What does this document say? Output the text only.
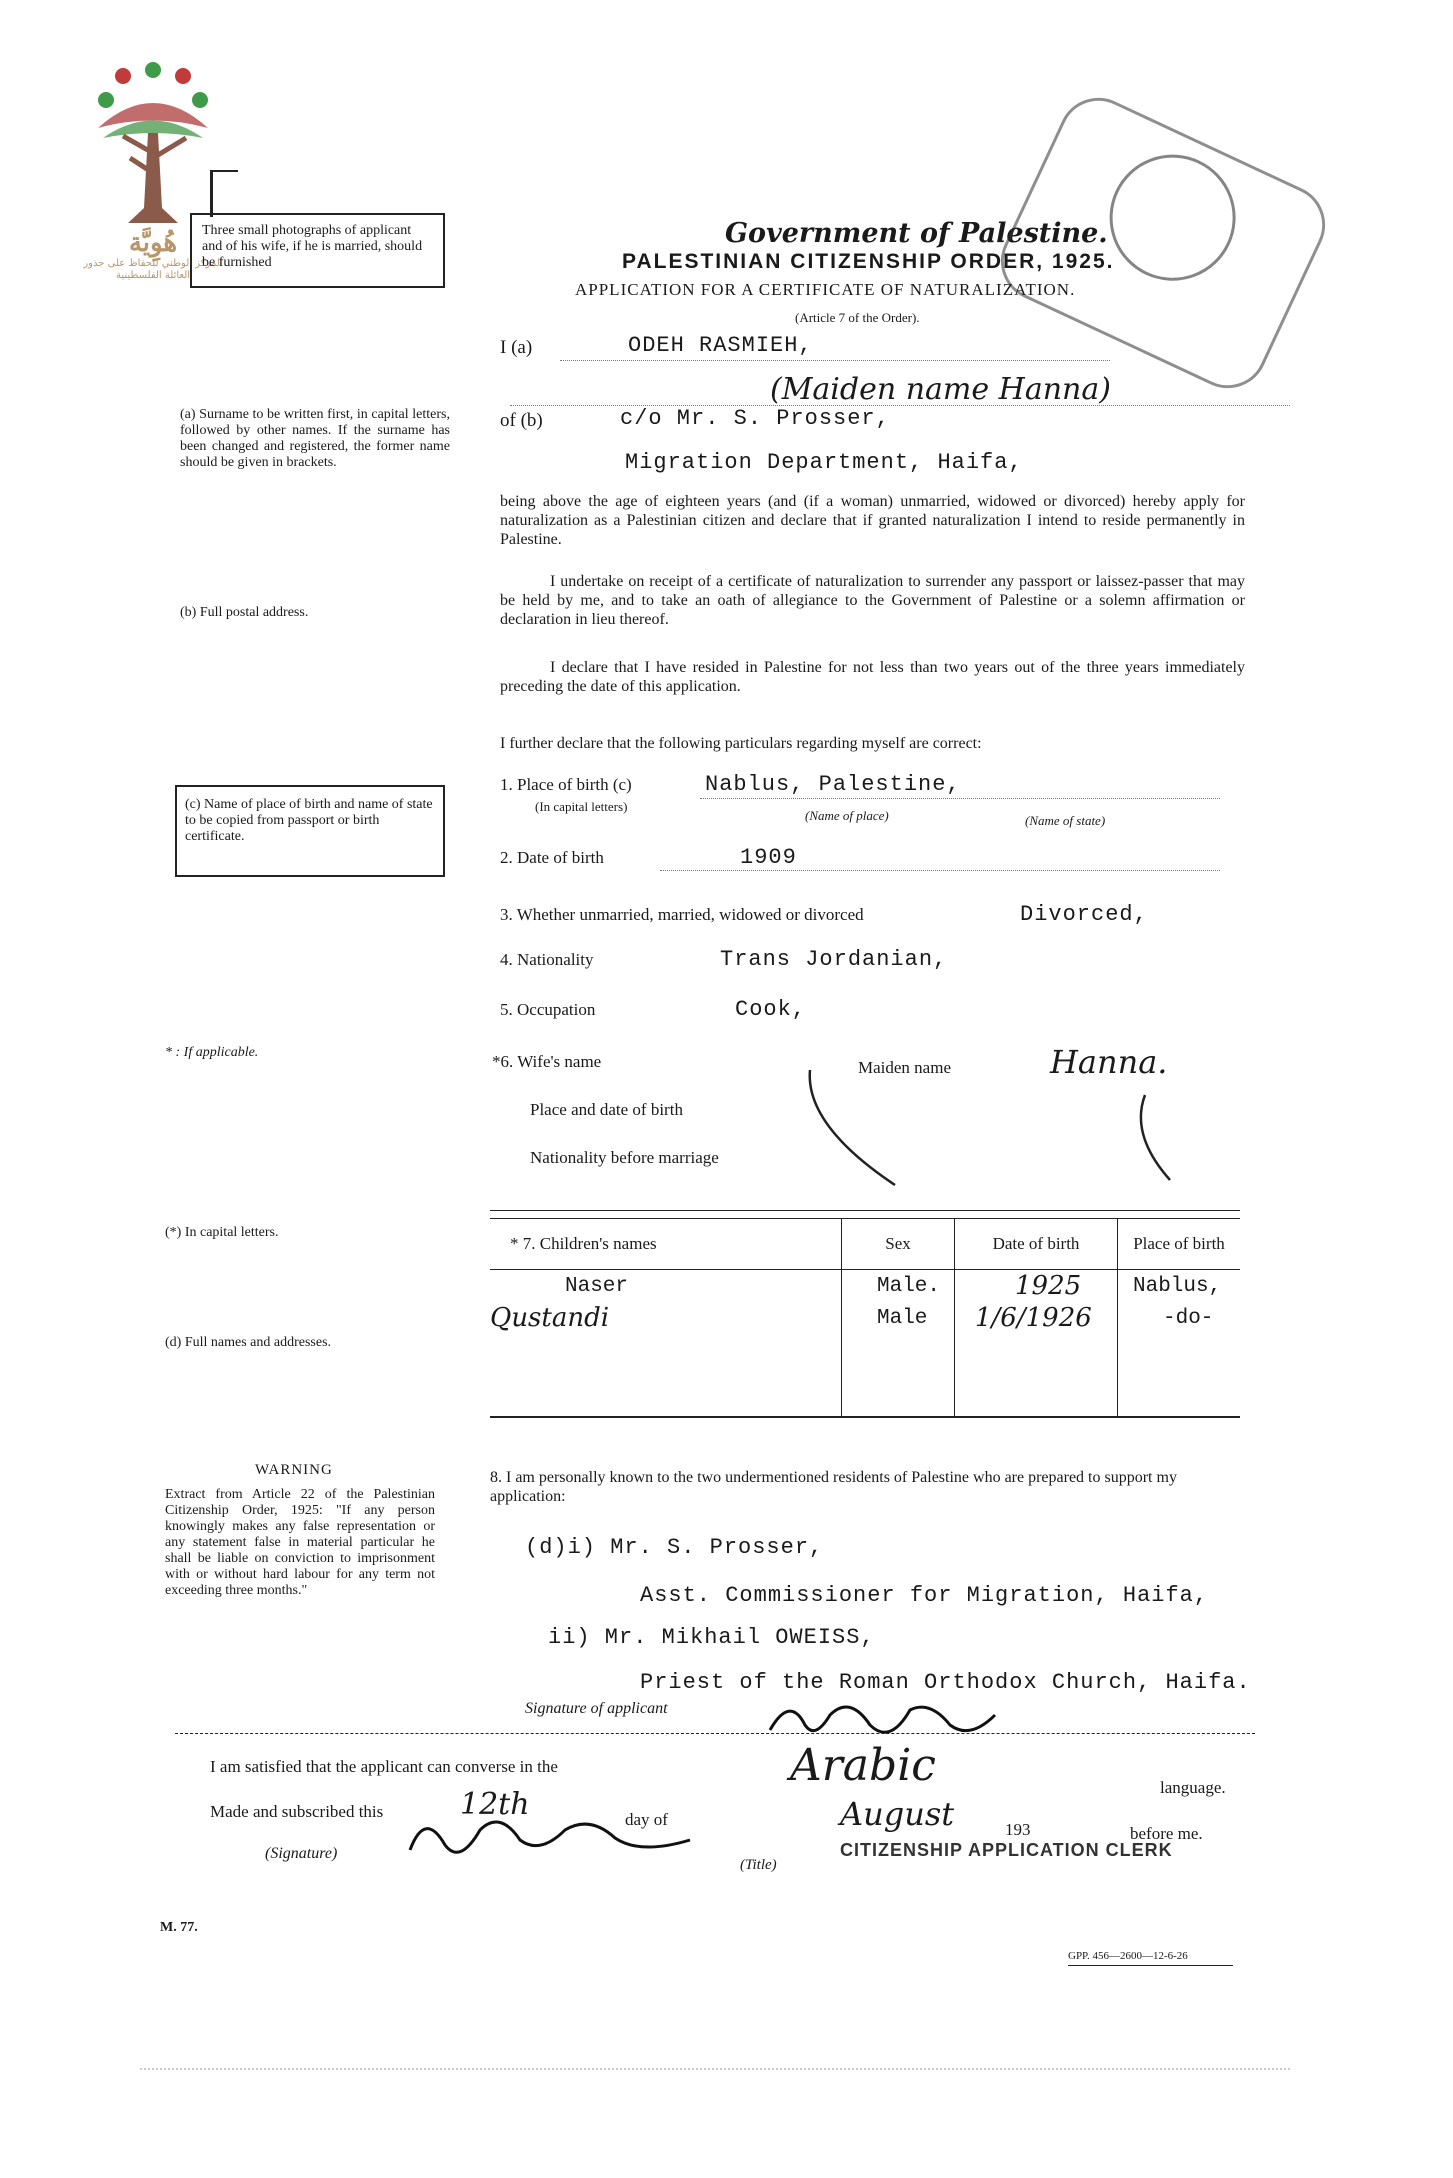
هُوِيَّة
المركز الوطني للحفاظ على جذور العائلة الفلسطينية
Three small photographs of applicant and of his wife, if he is married, should be furnished
Government of Palestine.
PALESTINIAN CITIZENSHIP ORDER, 1925.
APPLICATION FOR A CERTIFICATE OF NATURALIZATION.
(Article 7 of the Order).
I (a)	ODEH RASMIEH,
(Maiden name Hanna)
of (b)	c/o Mr. S. Prosser,
Migration Department, Haifa,
(a) Surname to be written first, in capital letters, followed by other names. If the surname has been changed and registered, the former name should be given in brackets.
(b) Full postal address.
being above the age of eighteen years (and (if a woman) unmarried, widowed or divorced) hereby apply for naturalization as a Palestinian citizen and declare that if granted naturalization I intend to reside permanently in Palestine.
I undertake on receipt of a certificate of naturalization to surrender any passport or laissez-passer that may be held by me, and to take an oath of allegiance to the Government of Palestine or a solemn affirmation or declaration in lieu thereof.
I declare that I have resided in Palestine for not less than two years out of the three years immediately preceding the date of this application.
I further declare that the following particulars regarding myself are correct:
(c) Name of place of birth and name of state to be copied from passport or birth certificate.
1. Place of birth (c)
(In capital letters)
Nablus, Palestine,
(Name of place)	(Name of state)
2. Date of birth	1909
3. Whether unmarried, married, widowed or divorced	Divorced,
4. Nationality	Trans Jordanian,
5. Occupation	Cook,
* : If applicable.	*6. Wife's name	Maiden name	Hanna.
Place and date of birth
Nationality before marriage
(*) In capital letters.
(d) Full names and addresses.
* 7. Children's names	Sex	Date of birth	Place of birth
Naser	Male.	1925	Nablus,
Qustandi	Male	1/6/1926	-do-

WARNING
Extract from Article 22 of the Palestinian Citizenship Order, 1925: "If any person knowingly makes any false representation or any statement false in material particular he shall be liable on conviction to imprisonment with or without hard labour for any term not exceeding three months."
8. I am personally known to the two undermentioned residents of Palestine who are prepared to support my application:
(d)i) Mr. S. Prosser,
Asst. Commissioner for Migration, Haifa,
ii) Mr. Mikhail OWEISS,
Priest of the Roman Orthodox Church, Haifa.
Signature of applicant
I am satisfied that the applicant can converse in the	Arabic	language.
Made and subscribed this	12th	day of	August	193	before me.
(Signature)
(Title)
CITIZENSHIP APPLICATION CLERK
M. 77.
GPP. 456—2600—12-6-26
